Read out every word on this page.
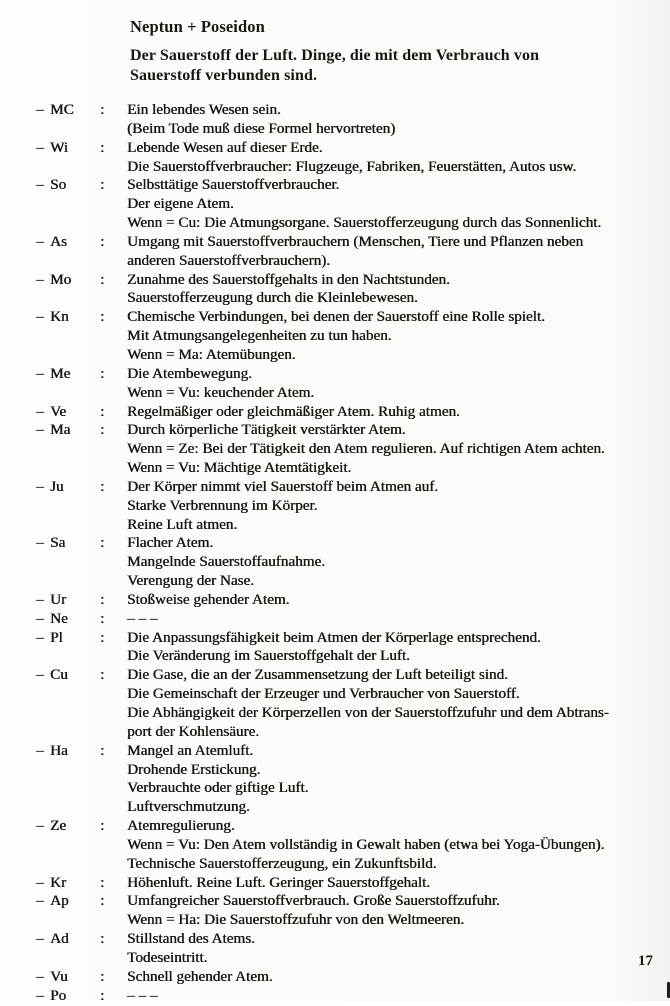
Neptun + Poseidon
Der Sauerstoff der Luft. Dinge, die mit dem Verbrauch von
Sauerstoff verbunden sind.
– MC :	Ein lebendes Wesen sein.
(Beim Tode muß diese Formel hervortreten)
– Wi :	Lebende Wesen auf dieser Erde.
Die Sauerstoffverbraucher: Flugzeuge, Fabriken, Feuerstätten, Autos usw.
– So :	Selbsttätige Sauerstoffverbraucher.
Der eigene Atem.
Wenn = Cu: Die Atmungsorgane. Sauerstofferzeugung durch das Sonnenlicht.
– As :	Umgang mit Sauerstoffverbrauchern (Menschen, Tiere und Pflanzen neben
anderen Sauerstoffverbrauchern).
– Mo :	Zunahme des Sauerstoffgehalts in den Nachtstunden.
Sauerstofferzeugung durch die Kleinlebewesen.
– Kn :	Chemische Verbindungen, bei denen der Sauerstoff eine Rolle spielt.
Mit Atmungsangelegenheiten zu tun haben.
Wenn = Ma: Atemübungen.
– Me :	Die Atembewegung.
Wenn = Vu: keuchender Atem.
– Ve :	Regelmäßiger oder gleichmäßiger Atem. Ruhig atmen.
– Ma :	Durch körperliche Tätigkeit verstärkter Atem.
Wenn = Ze: Bei der Tätigkeit den Atem regulieren. Auf richtigen Atem achten.
Wenn = Vu: Mächtige Atemtätigkeit.
– Ju :	Der Körper nimmt viel Sauerstoff beim Atmen auf.
Starke Verbrennung im Körper.
Reine Luft atmen.
– Sa :	Flacher Atem.
Mangelnde Sauerstoffaufnahme.
Verengung der Nase.
– Ur :	Stoßweise gehender Atem.
– Ne :	– – –
– Pl :	Die Anpassungsfähigkeit beim Atmen der Körperlage entsprechend.
Die Veränderung im Sauerstoffgehalt der Luft.
– Cu :	Die Gase, die an der Zusammensetzung der Luft beteiligt sind.
Die Gemeinschaft der Erzeuger und Verbraucher von Sauerstoff.
Die Abhängigkeit der Körperzellen von der Sauerstoffzufuhr und dem Abtrans-
port der Kohlensäure.
– Ha :	Mangel an Atemluft.
Drohende Erstickung.
Verbrauchte oder giftige Luft.
Luftverschmutzung.
– Ze :	Atemregulierung.
Wenn = Vu: Den Atem vollständig in Gewalt haben (etwa bei Yoga-Übungen).
Technische Sauerstofferzeugung, ein Zukunftsbild.
– Kr :	Höhenluft. Reine Luft. Geringer Sauerstoffgehalt.
– Ap :	Umfangreicher Sauerstoffverbrauch. Große Sauerstoffzufuhr.
Wenn = Ha: Die Sauerstoffzufuhr von den Weltmeeren.
– Ad :	Stillstand des Atems.
Todeseintritt.
– Vu :	Schnell gehender Atem.
– Po :	– – –
17
